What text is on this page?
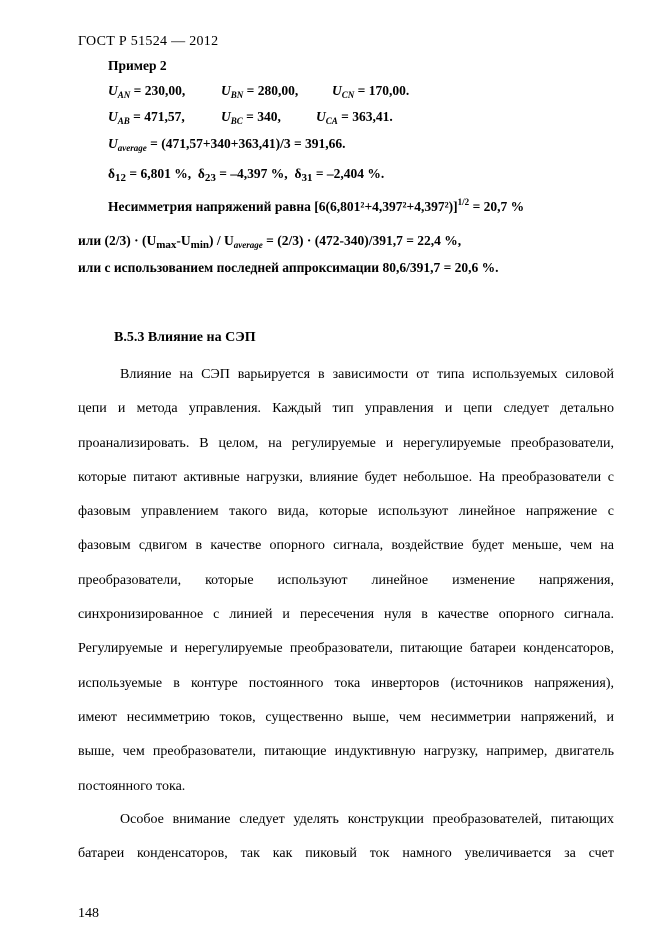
ГОСТ Р 51524 — 2012
Пример 2
$U_{AN} = 230,00$,	$U_{BN} = 280,00$,	$U_{CN} = 170,00$.
$U_{AB} = 471,57$,	$U_{BC} = 340$,	$U_{CA} = 363,41$.
$U_{average} = (471,57+340+363,41)/3 = 391,66$.
$\delta_{12} = 6,801$ %,  $\delta_{23} = -4,397$ %,  $\delta_{31} = -2,404$ %.
Несимметрия напряжений равна $[6(6,801^2+4,397^2+4,397^2)]^{1/2} = 20,7$ %
или $(2/3) \cdot (U_{max}-U_{min}) / U_{average} = (2/3) \cdot (472-340)/391,7 = 22,4$ %,
или с использованием последней аппроксимации 80,6/391,7 = 20,6 %.
В.5.3 Влияние на СЭП
Влияние на СЭП варьируется в зависимости от типа используемых силовой
цепи и метода управления. Каждый тип управления и цепи следует детально
проанализировать. В целом, на регулируемые и нерегулируемые преобразователи,
которые питают активные нагрузки, влияние будет небольшое. На преобразователи с
фазовым управлением такого вида, которые используют линейное напряжение с
фазовым сдвигом в качестве опорного сигнала, воздействие будет меньше, чем на
преобразователи, которые используют линейное изменение напряжения,
синхронизированное с линией и пересечения нуля в качестве опорного сигнала.
Регулируемые и нерегулируемые преобразователи, питающие батареи конденсаторов,
используемые в контуре постоянного тока инверторов (источников напряжения),
имеют несимметрию токов, существенно выше, чем несимметрии напряжений, и
выше, чем преобразователи, питающие индуктивную нагрузку, например, двигатель
постоянного тока.
Особое внимание следует уделять конструкции преобразователей, питающих
батареи конденсаторов, так как пиковый ток намного увеличивается за счет
148
